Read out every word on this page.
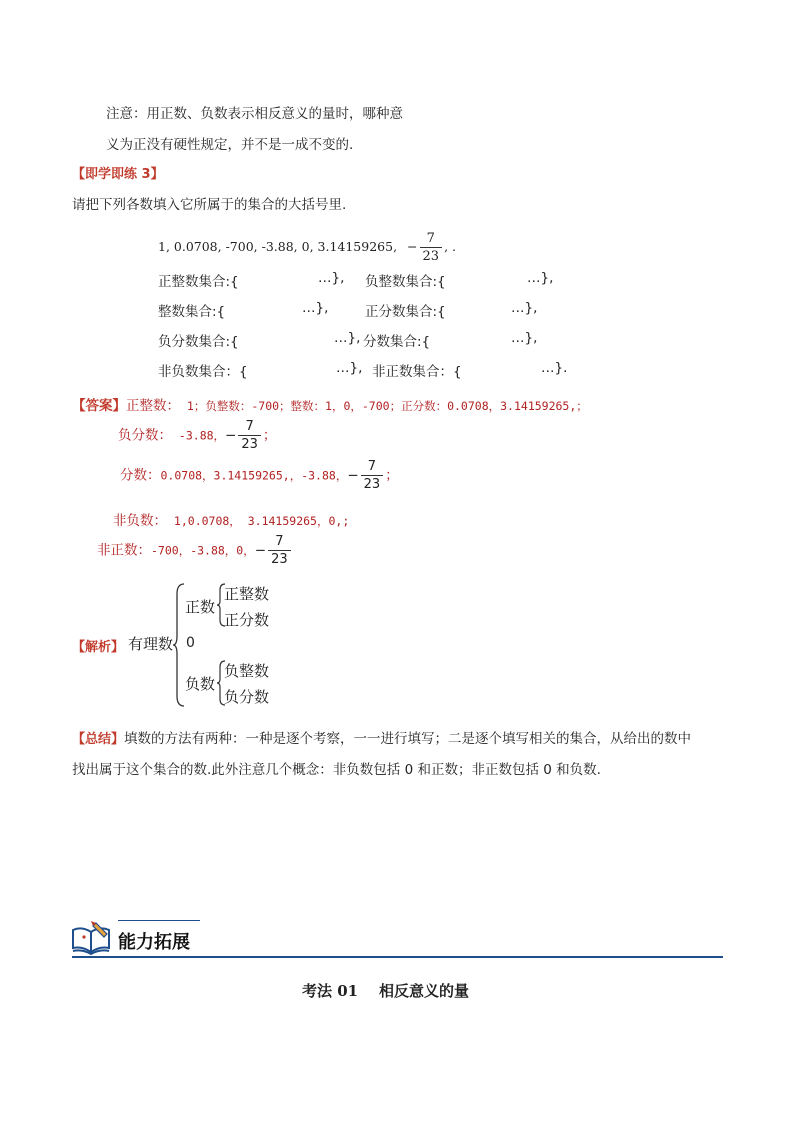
注意：用正数、负数表示相反意义的量时，哪种意
义为正没有硬性规定，并不是一成不变的.
【即学即练 3】
请把下列各数填入它所属于的集合的大括号里.
1, 0.0708, -700, -3.88, 0, 3.14159265, − $\frac{7}{23}$ , .
正整数集合:{	…}, 负整数集合:{	…},
整数集合:{	…},	正分数集合:{	…},
负分数集合:{	…}, 分数集合:{	…},
非负数集合：{	…}, 非正数集合：{	…}.
【答案】正整数： 1；负整数：-700；整数：1，0，-700；正分数：0.0708，3.14159265,；
负分数： -3.88，− $\frac{7}{23}$ ；
分数：0.0708，3.14159265,，-3.88，− $\frac{7}{23}$ ；
非负数： 1,0.0708， 3.14159265，0,;
非正数：-700，-3.88，0，− $\frac{7}{23}$
【解析】 有理数
正数
正整数
正分数
0
负数
负整数
负分数
【总结】填数的方法有两种：一种是逐个考察，一一进行填写；二是逐个填写相关的集合，从给出的数中
找出属于这个集合的数.此外注意几个概念：非负数包括 0 和正数；非正数包括 0 和负数.
能力拓展
考法 01    相反意义的量
